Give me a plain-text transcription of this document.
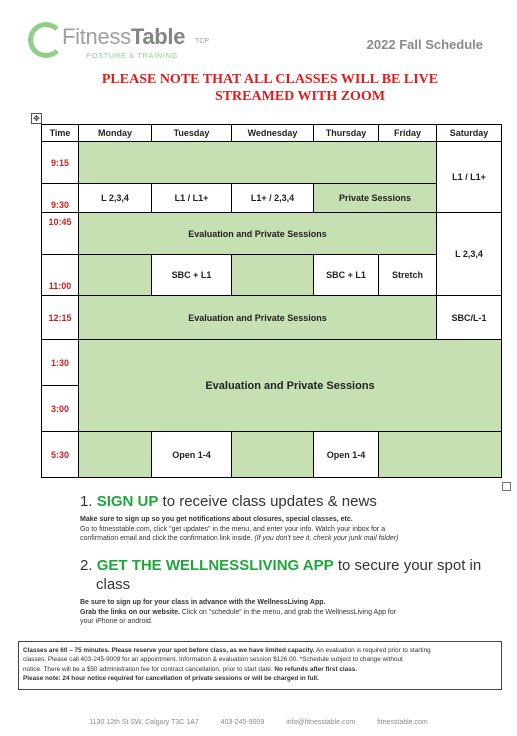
FitnessTable TCP
POSTURE & TRAINING
2022 Fall Schedule
PLEASE NOTE THAT ALL CLASSES WILL BE LIVE
STREAMED WITH ZOOM
✥
Time	Monday	Tuesday	Wednesday	Thursday	Friday	Saturday
9:15						L1 / L1+
9:30	L 2,3,4	L1 / L1+	L1+ / 2,3,4	Private Sessions		
10:45	Evaluation and Private Sessions					L 2,3,4
11:00		SBC + L1		SBC + L1	Stretch	
12:15	Evaluation and Private Sessions					SBC/L-1
1:30	Evaluation and Private Sessions					
3:00						
5:30		Open 1-4		Open 1-4		
1. SIGN UP to receive class updates & news
Make sure to sign up so you get notifications about closures, special classes, etc.
Go to fitnesstable.com, click "get updates" in the menu, and enter your info. Watch your inbox for a
confirmation email and click the confirmation link inside. (If you don't see it, check your junk mail folder)
2. GET THE WELLNESSLIVING APP to secure your spot in
class
Be sure to sign up for your class in advance with the WellnessLiving App.
Grab the links on our website. Click on "schedule" in the menu, and grab the WellnessLiving App for
your iPhone or android.
Classes are 60 – 75 minutes. Please reserve your spot before class, as we have limited capacity. An evaluation is required prior to starting
classes. Please call 403-245-9009 for an appointment. Information & evaluation session $126.00. *Schedule subject to change without
notice. There will be a $50 administration fee for contract cancellation, prior to start date. No refunds after first class.
Please note: 24 hour notice required for cancellation of private sessions or will be charged in full.
1130 12th St SW, Calgary T3C 1A7	403-245-9009	info@fitnesstable.com	fitnesstable.com
